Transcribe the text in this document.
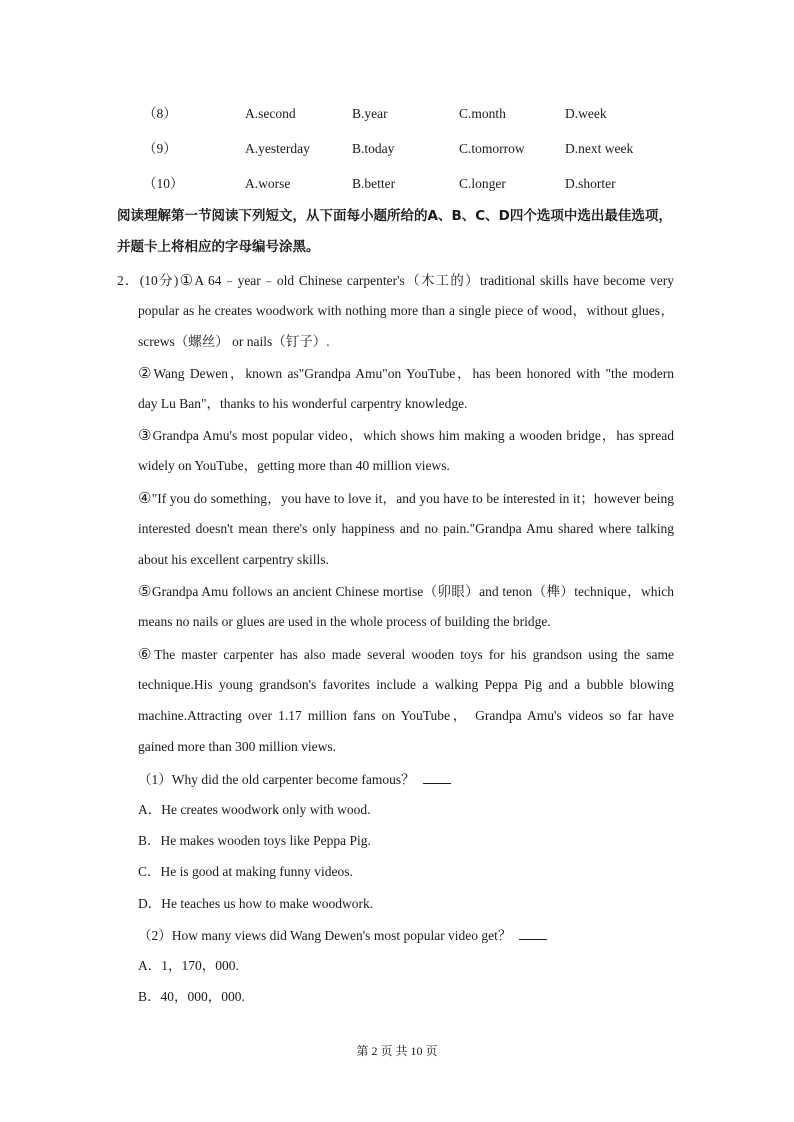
（8）	A.second	B.year	C.month	D.week
（9）	A.yesterday	B.today	C.tomorrow	D.next week
（10）	A.worse	B.better	C.longer	D.shorter
阅读理解第一节阅读下列短文，从下面每小题所给的A、B、C、D四个选项中选出最佳选项，并题卡上将相应的字母编号涂黑。
2．(10分)①A 64﹣year﹣old Chinese carpenter's（木工的）traditional skills have become very
popular as he creates woodwork with nothing more than a single piece of wood，without glues，
screws（螺丝） or nails（钉子）.
②Wang Dewen，known as"Grandpa Amu"on YouTube，has been honored with "the modern
day Lu Ban"，thanks to his wonderful carpentry knowledge.
③Grandpa Amu's most popular video，which shows him making a wooden bridge，has spread
widely on YouTube，getting more than 40 million views.
④"If you do something，you have to love it，and you have to be interested in it；however being
interested doesn't mean there's only happiness and no pain."Grandpa Amu shared where talking
about his excellent carpentry skills.
⑤Grandpa Amu follows an ancient Chinese mortise（卯眼）and tenon（榫）technique，which
means no nails or glues are used in the whole process of building the bridge.
⑥The master carpenter has also made several wooden toys for his grandson using the same
technique.His young grandson's favorites include a walking Peppa Pig and a bubble blowing
machine.Attracting over 1.17 million fans on YouTube， Grandpa Amu's videos so far have
gained more than 300 million views.
（1）Why did the old carpenter become famous？
A．He creates woodwork only with wood.
B．He makes wooden toys like Peppa Pig.
C．He is good at making funny videos.
D．He teaches us how to make woodwork.
（2）How many views did Wang Dewen's most popular video get？
A．1，170，000.
B．40，000，000.
第 2 页 共 10 页
